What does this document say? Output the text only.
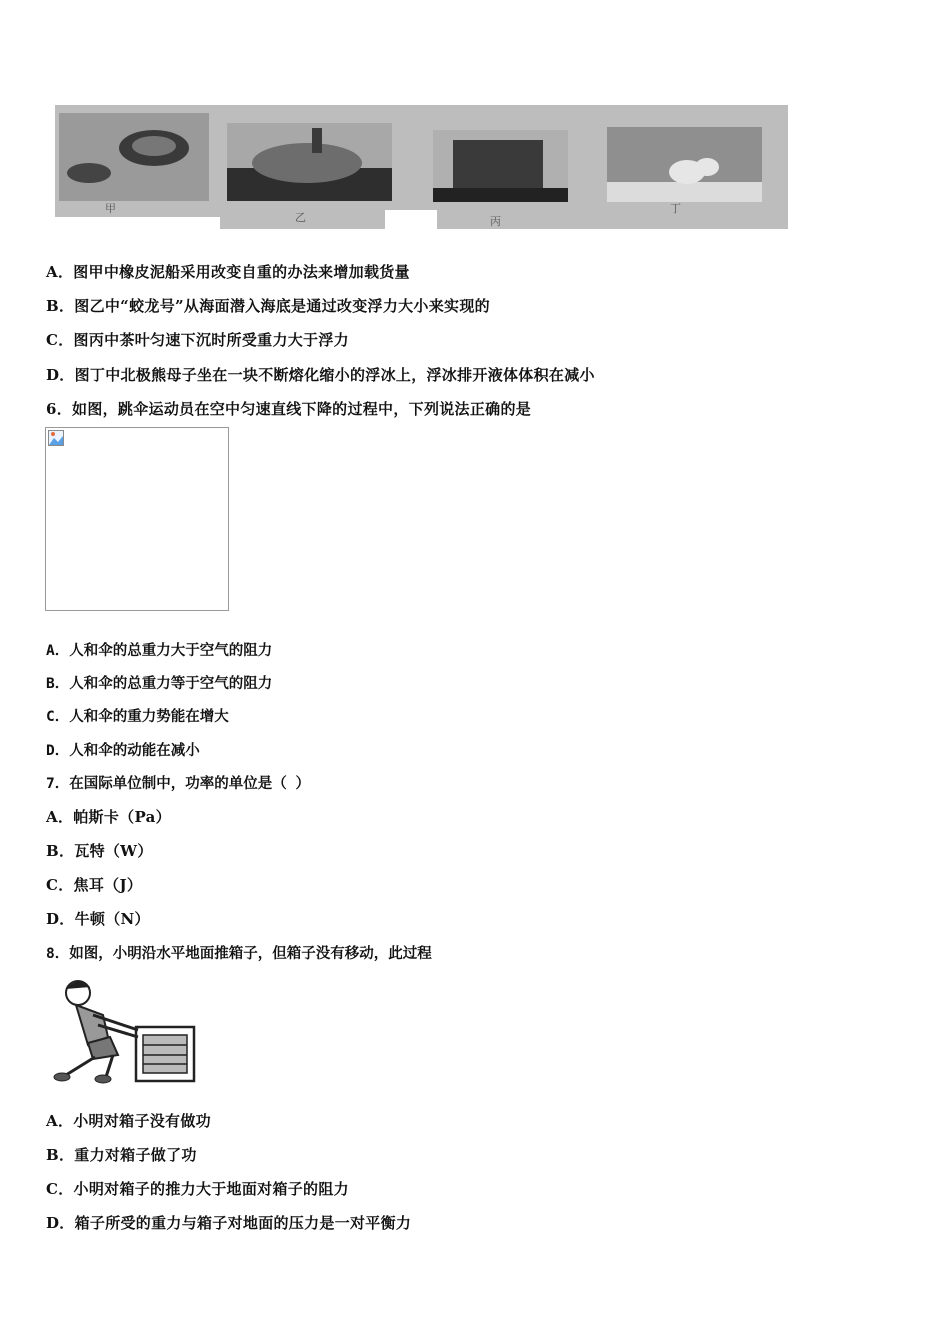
甲
乙	丙
丁
A．图甲中橡皮泥船采用改变自重的办法来增加载货量
B．图乙中“蛟龙号”从海面潜入海底是通过改变浮力大小来实现的
C．图丙中茶叶匀速下沉时所受重力大于浮力
D．图丁中北极熊母子坐在一块不断熔化缩小的浮冰上，浮冰排开液体体积在减小
6．如图，跳伞运动员在空中匀速直线下降的过程中，下列说法正确的是
A．人和伞的总重力大于空气的阻力
B．人和伞的总重力等于空气的阻力
C．人和伞的重力势能在增大
D．人和伞的动能在减小
7．在国际单位制中，功率的单位是（ ）
A．帕斯卡（Pa）
B．瓦特（W）
C．焦耳（J）
D．牛顿（N）
8．如图，小明沿水平地面推箱子，但箱子没有移动，此过程
A．小明对箱子没有做功
B．重力对箱子做了功
C．小明对箱子的推力大于地面对箱子的阻力
D．箱子所受的重力与箱子对地面的压力是一对平衡力
